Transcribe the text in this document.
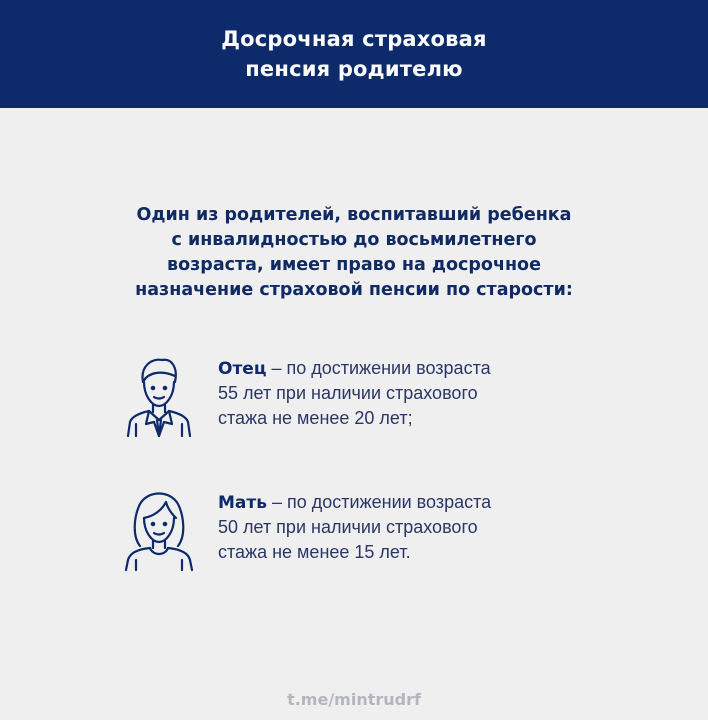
Досрочная страховая
пенсия родителю
Один из родителей, воспитавший ребенка
с инвалидностью до восьмилетнего
возраста, имеет право на досрочное
назначение страховой пенсии по старости:
Отец – по достижении возраста
55 лет при наличии страхового
стажа не менее 20 лет;
Мать – по достижении возраста
50 лет при наличии страхового
стажа не менее 15 лет.
t.me/mintrudrf
